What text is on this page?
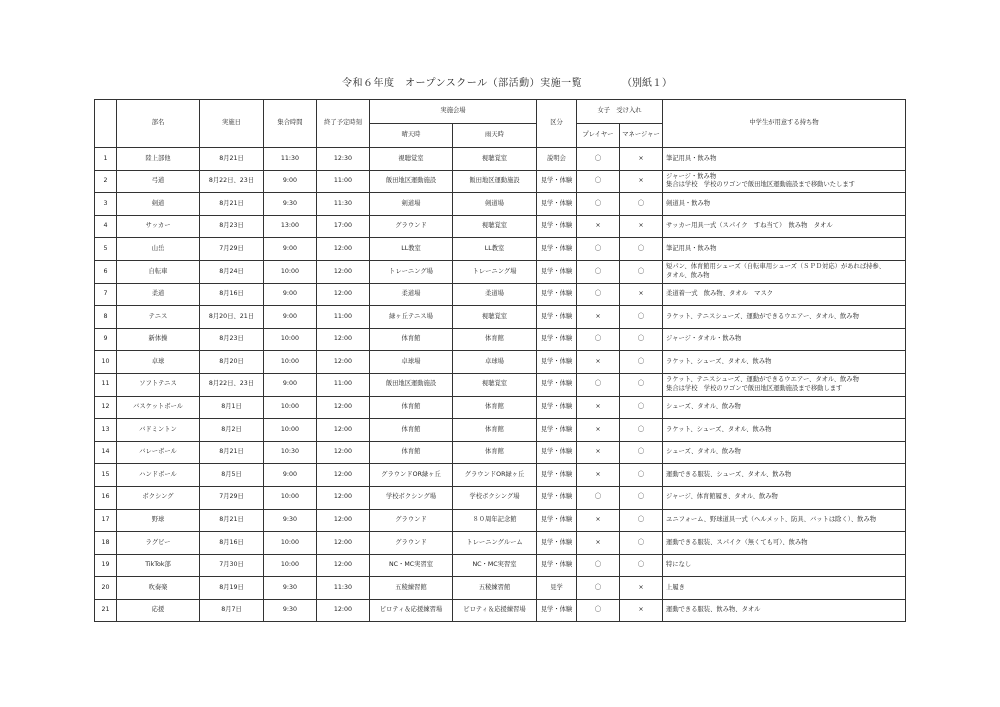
令和６年度　オープンスクール（部活動）実施一覧	（別紙１）
	部名	実施日	集合時間	終了予定時刻	実施会場		区分	女子　受け入れ		中学生が用意する持ち物
					晴天時	雨天時		プレイヤー	マネージャー	
1	陸上部他	8月21日	11:30	12:30	視聴覚室	視聴覚室	説明会	〇	×	筆記用具・飲み物

2	弓道	8月22日、23日	9:00	11:00	飯田地区運動施設	飯田地区運動施設	見学・体験	〇	×	ジャージ・飲み物
集合は学校　学校のワゴンで飯田地区運動施設まで移動いたします

3	剣道	8月21日	9:30	11:30	剣道場	剣道場	見学・体験	〇	〇	剣道具・飲み物

4	サッカー	8月23日	13:00	17:00	グラウンド	視聴覚室	見学・体験	×	×	サッカー用具一式（スパイク　すね当て）　飲み物　タオル

5	山岳	7月29日	9:00	12:00	LL教室	LL教室	見学・体験	〇	〇	筆記用具・飲み物

6	自転車	8月24日	10:00	12:00	トレーニング場	トレーニング場	見学・体験	〇	〇	短パン、体育館用シューズ（自転車用シューズ（ＳＰＤ対応）があれば持参、
タオル、飲み物

7	柔道	8月16日	9:00	12:00	柔道場	柔道場	見学・体験	〇	×	柔道着一式　飲み物、タオル　マスク

8	テニス	8月20日、21日	9:00	11:00	緑ヶ丘テニス場	視聴覚室	見学・体験	×	〇	ラケット、テニスシューズ、運動ができるウエアー、タオル、飲み物

9	新体操	8月23日	10:00	12:00	体育館	体育館	見学・体験	〇	〇	ジャージ・タオル・飲み物

10	卓球	8月20日	10:00	12:00	卓球場	卓球場	見学・体験	×	〇	ラケット、シューズ、タオル、飲み物

11	ソフトテニス	8月22日、23日	9:00	11:00	飯田地区運動施設	視聴覚室	見学・体験	〇	〇	ラケット、テニスシューズ、運動ができるウエアー、タオル、飲み物
集合は学校　学校のワゴンで飯田地区運動施設まで移動します

12	バスケットボール	8月1日	10:00	12:00	体育館	体育館	見学・体験	×	〇	シューズ、タオル、飲み物

13	バドミントン	8月2日	10:00	12:00	体育館	体育館	見学・体験	×	〇	ラケット、シューズ、タオル、飲み物

14	バレーボール	8月21日	10:30	12:00	体育館	体育館	見学・体験	×	〇	シューズ、タオル、飲み物

15	ハンドボール	8月5日	9:00	12:00	グラウンドOR緑ヶ丘	グラウンドOR緑ヶ丘	見学・体験	×	〇	運動できる服装、シューズ、タオル、飲み物

16	ボクシング	7月29日	10:00	12:00	学校ボクシング場	学校ボクシング場	見学・体験	〇	〇	ジャージ、体育館履き、タオル、飲み物

17	野球	8月21日	9:30	12:00	グラウンド	８０周年記念館	見学・体験	×	〇	ユニフォーム、野球道具一式（ヘルメット、防具、バットは除く）、飲み物

18	ラグビー	8月16日	10:00	12:00	グラウンド	トレーニングルーム	見学・体験	×	〇	運動できる服装、スパイク（無くても可）、飲み物

19	TikTok部	7月30日	10:00	12:00	NC・MC実習室	NC・MC実習室	見学・体験	〇	〇	特になし

20	吹奏楽	8月19日	9:30	11:30	五稜練習館	五稜練習館	見学	〇	×	上履き

21	応援	8月7日	9:30	12:00	ピロティ＆応援練習場	ピロティ＆応援練習場	見学・体験	〇	×	運動できる服装、飲み物、タオル
